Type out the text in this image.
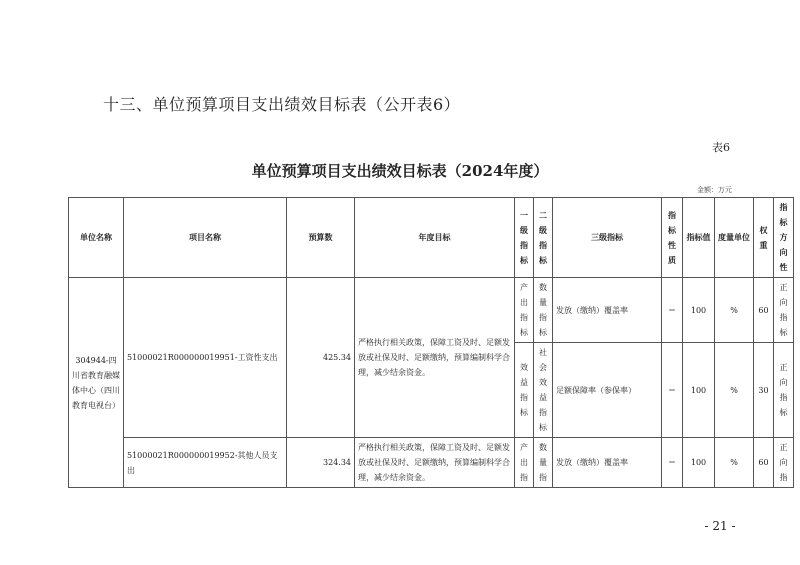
十三、单位预算项目支出绩效目标表（公开表6）
表6
单位预算项目支出绩效目标表（2024年度）
金额：万元
单位名称	项目名称	预算数	年度目标	一级指标	二级指标	三级指标	指标性质	指标值	度量单位	权重	指标方向性
304944-四川省教育融媒体中心（四川教育电视台）	51000021R000000019951-工资性支出	425.34	严格执行相关政策，保障工资及时、足额发放或社保及时、足额缴纳，预算编制科学合理，减少结余资金。	产出指标	数量指标	发放（缴纳）覆盖率	＝	100	%	60	正向指标
				效益指标	社会效益指标	足额保障率（参保率）	＝	100	%	30	正向指标
	51000021R000000019952-其他人员支出	324.34	严格执行相关政策，保障工资及时、足额发放或社保及时、足额缴纳，预算编制科学合理，减少结余资金。	产出指	数量指	发放（缴纳）覆盖率	＝	100	%	60	正向指
- 21 -
